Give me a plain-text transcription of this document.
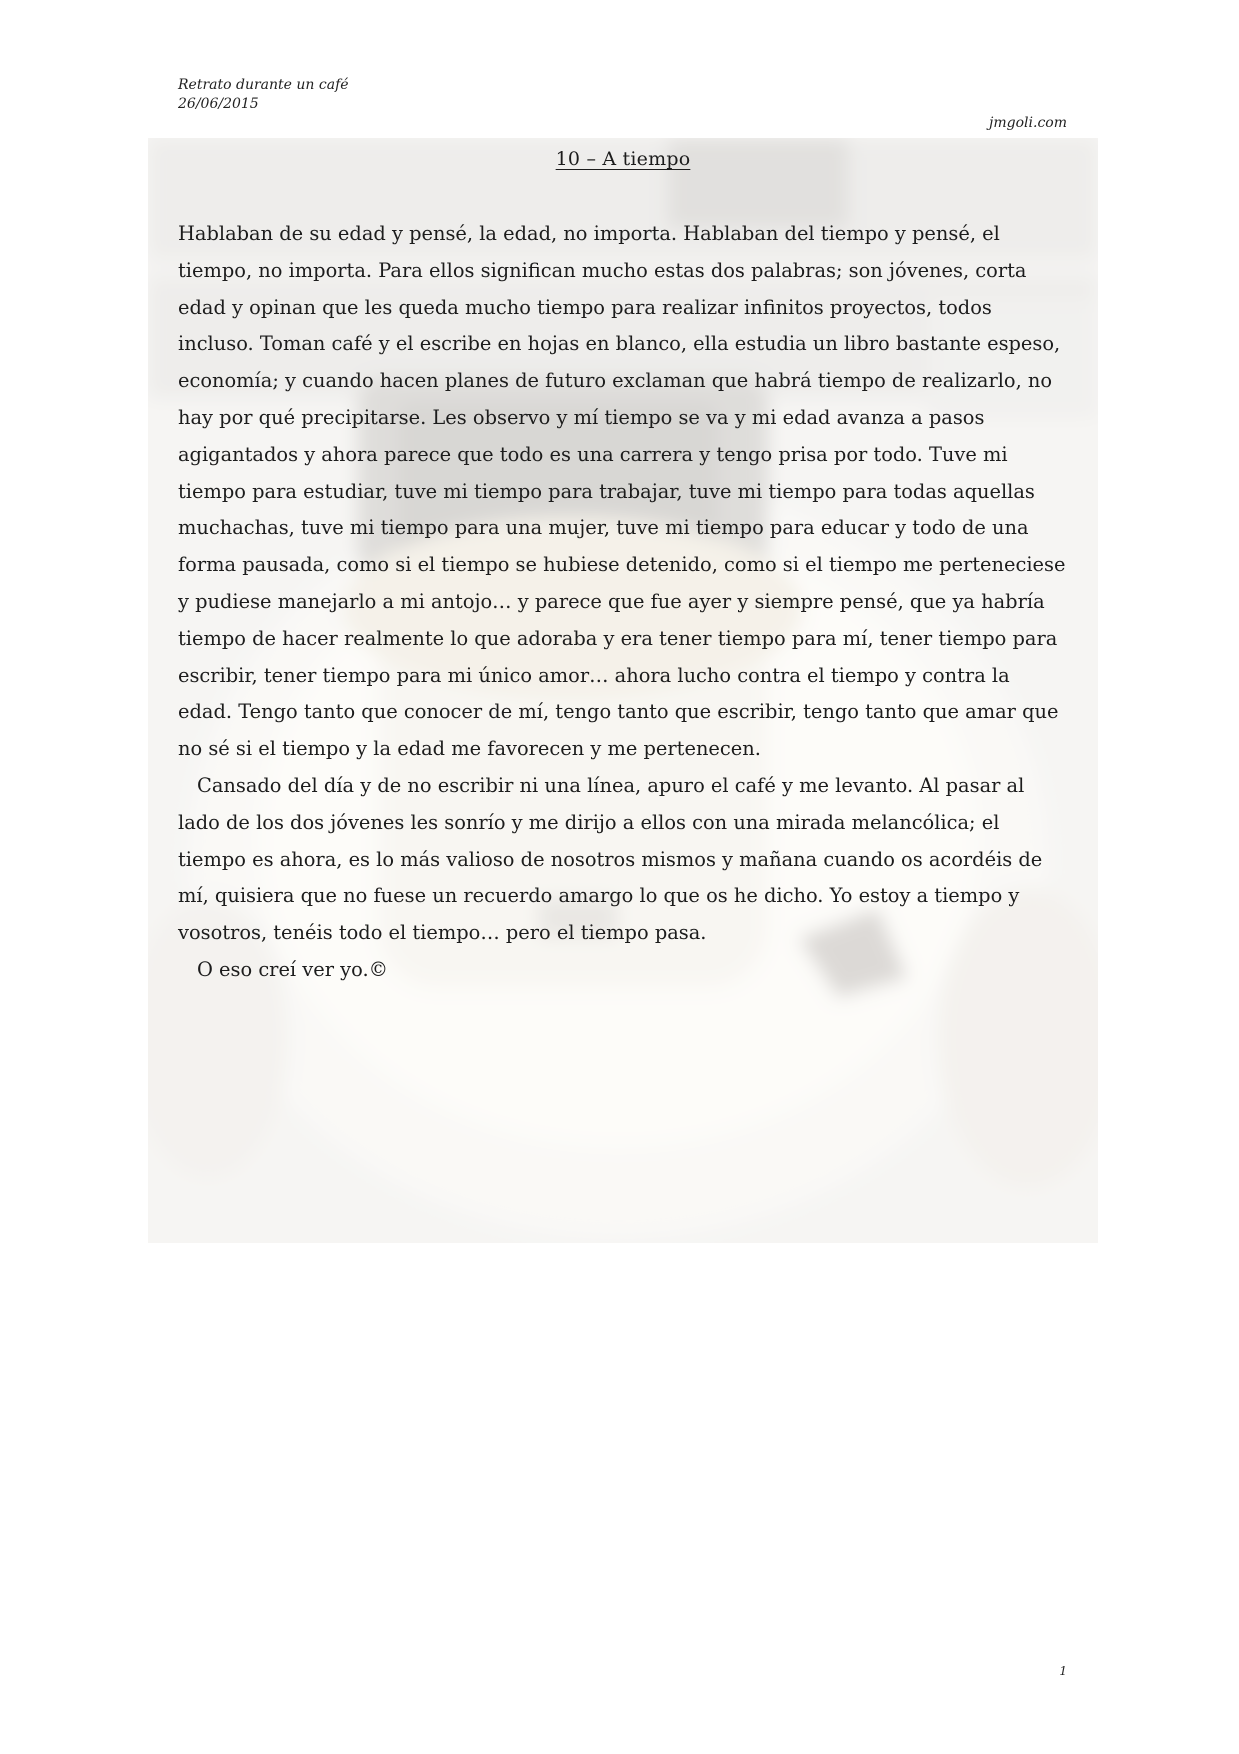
Retrato durante un café
26/06/2015
jmgoli.com
10 – A tiempo

Hablaban de su edad y pensé, la edad, no importa. Hablaban del tiempo y pensé, el tiempo, no importa. Para ellos significan mucho estas dos palabras; son jóvenes, corta edad y opinan que les queda mucho tiempo para realizar infinitos proyectos, todos incluso. Toman café y el escribe en hojas en blanco, ella estudia un libro bastante espeso, economía; y cuando hacen planes de futuro exclaman que habrá tiempo de realizarlo, no hay por qué precipitarse. Les observo y mí tiempo se va y mi edad avanza a pasos agigantados y ahora parece que todo es una carrera y tengo prisa por todo. Tuve mi tiempo para estudiar, tuve mi tiempo para trabajar, tuve mi tiempo para todas aquellas muchachas, tuve mi tiempo para una mujer, tuve mi tiempo para educar y todo de una forma pausada, como si el tiempo se hubiese detenido, como si el tiempo me perteneciese y pudiese manejarlo a mi antojo… y parece que fue ayer y siempre pensé, que ya habría tiempo de hacer realmente lo que adoraba y era tener tiempo para mí, tener tiempo para escribir, tener tiempo para mi único amor… ahora lucho contra el tiempo y contra la edad. Tengo tanto que conocer de mí, tengo tanto que escribir, tengo tanto que amar que no sé si el tiempo y la edad me favorecen y me pertenecen.

Cansado del día y de no escribir ni una línea, apuro el café y me levanto. Al pasar al lado de los dos jóvenes les sonrío y me dirijo a ellos con una mirada melancólica; el tiempo es ahora, es lo más valioso de nosotros mismos y mañana cuando os acordéis de mí, quisiera que no fuese un recuerdo amargo lo que os he dicho. Yo estoy a tiempo y vosotros, tenéis todo el tiempo… pero el tiempo pasa.

O eso creí ver yo.©

1
